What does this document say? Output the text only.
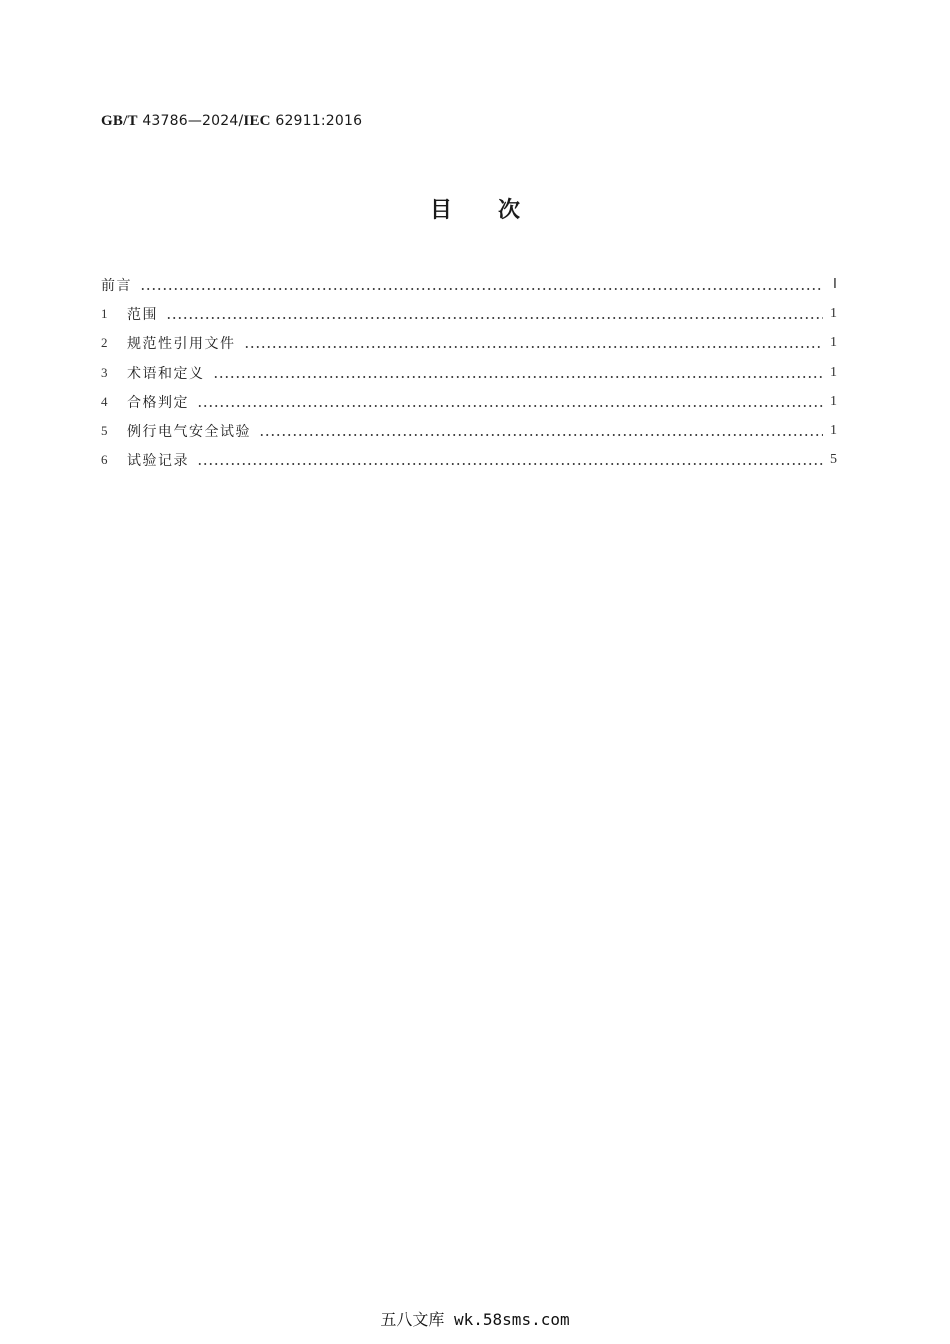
GB/T 43786—2024/IEC 62911:2016
目次
前言	Ⅰ
1	范围	1
2	规范性引用文件	1
3	术语和定义	1
4	合格判定	1
5	例行电气安全试验	1
6	试验记录	5
五八文库 wk.58sms.com
